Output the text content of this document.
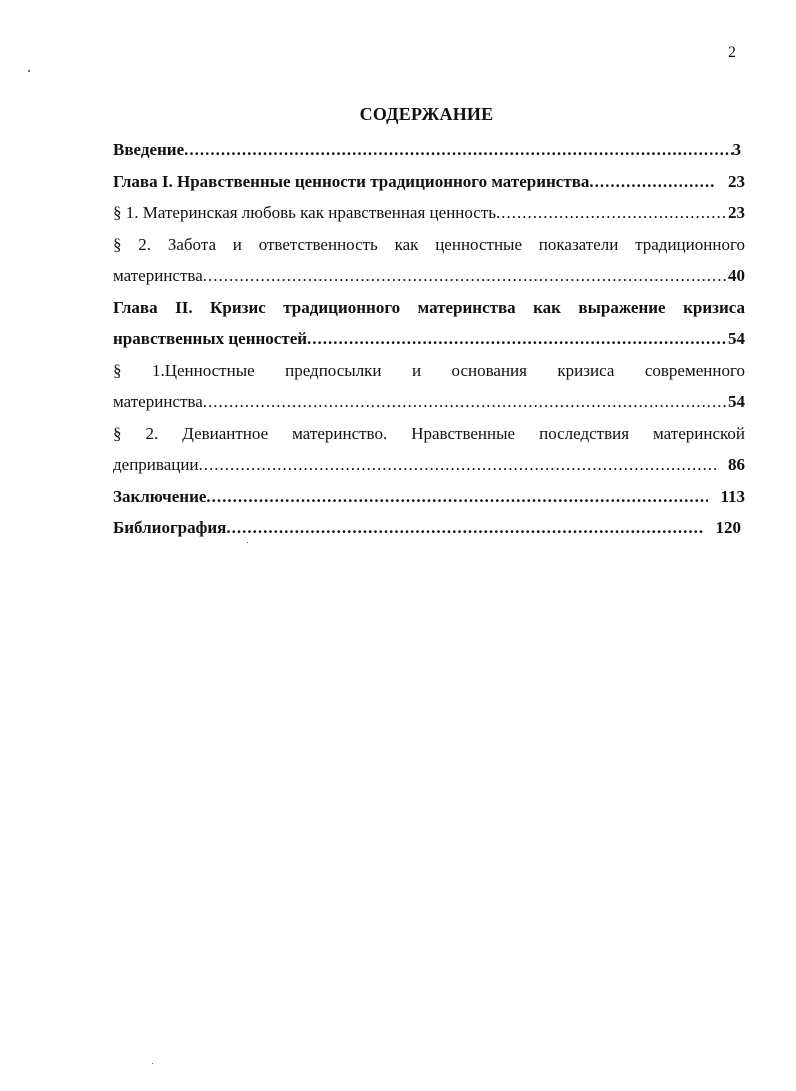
2
СОДЕРЖАНИЕ
Введение .....	3
Глава I. Нравственные ценности традиционного материнства .....	23
§ 1. Материнская любовь как нравственная ценность .....	23
§ 2. Забота и ответственность как ценностные показатели традиционного
материнства .....	40
Глава II. Кризис традиционного материнства как выражение кризиса
нравственных ценностей .....	54
§ 1.Ценностные предпосылки и основания кризиса современного
материнства .....	54
§ 2. Девиантное материнство. Нравственные последствия материнской
депривации .....	86
Заключение .....	113
Библиография .....	120
